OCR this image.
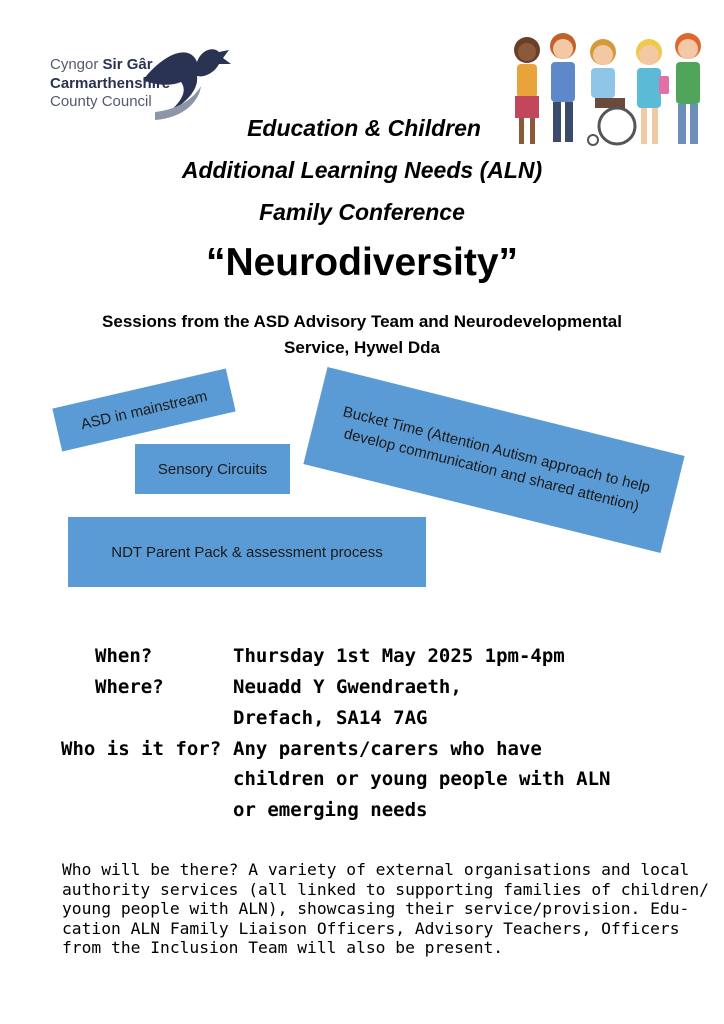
Cyngor Sir Gâr
Carmarthenshire
County Council
Education & Children
Additional Learning Needs (ALN)
Family Conference
“Neurodiversity”
Sessions from the ASD Advisory Team and Neurodevelopmental
Service, Hywel Dda
ASD in mainstream
Sensory Circuits	Bucket Time (Attention Autism approach to help develop communication and shared attention)
NDT Parent Pack & assessment process
When?	Thursday 1st May 2025 1pm-4pm
Where?	Neuadd Y Gwendraeth,
Drefach, SA14 7AG
Who is it for? Any parents/carers who have
children or young people with ALN
or emerging needs
Who will be there? A variety of external organisations and local
authority services (all linked to supporting families of children/
young people with ALN), showcasing their service/provision. Edu-
cation ALN Family Liaison Officers, Advisory Teachers, Officers
from the Inclusion Team will also be present.
